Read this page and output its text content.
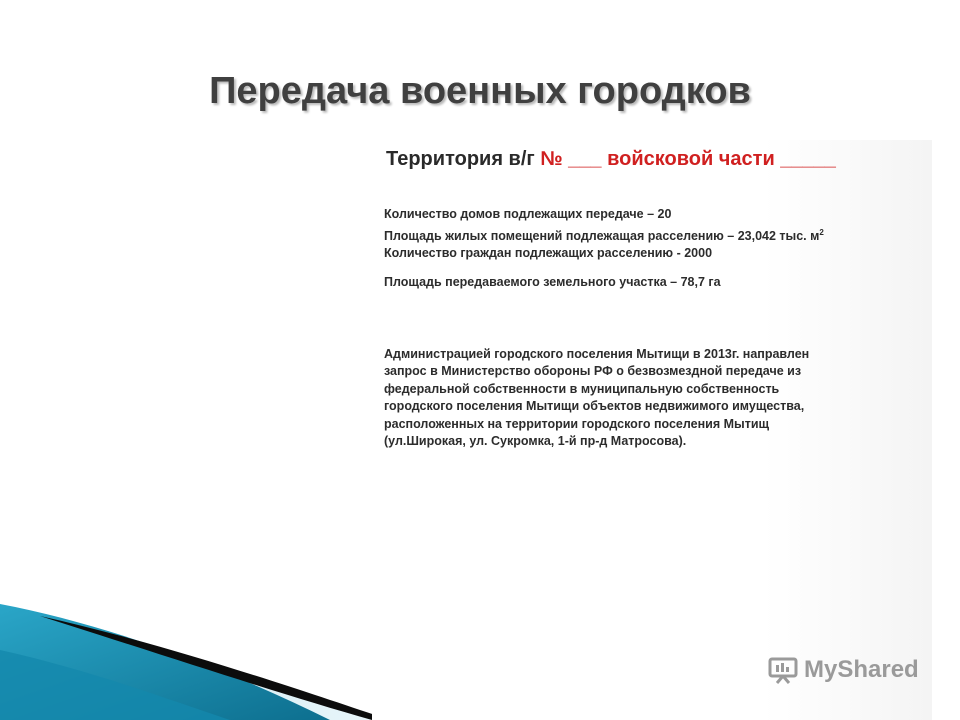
Передача военных городков
Территория в/г № ___ войсковой части _____
Количество домов подлежащих передаче – 20
Площадь жилых помещений подлежащая расселению – 23,042 тыс. $м^2$
Количество граждан подлежащих расселению - 2000
Площадь передаваемого земельного участка – 78,7 га
Администрацией городского поселения Мытищи в 2013г. направлен
запрос в Министерство обороны РФ о безвозмездной передаче из
федеральной собственности в муниципальную собственность
городского поселения Мытищи объектов недвижимого имущества,
расположенных на территории городского поселения Мытищ
(ул.Широкая, ул. Сукромка, 1-й пр-д Матросова).
MyShared
